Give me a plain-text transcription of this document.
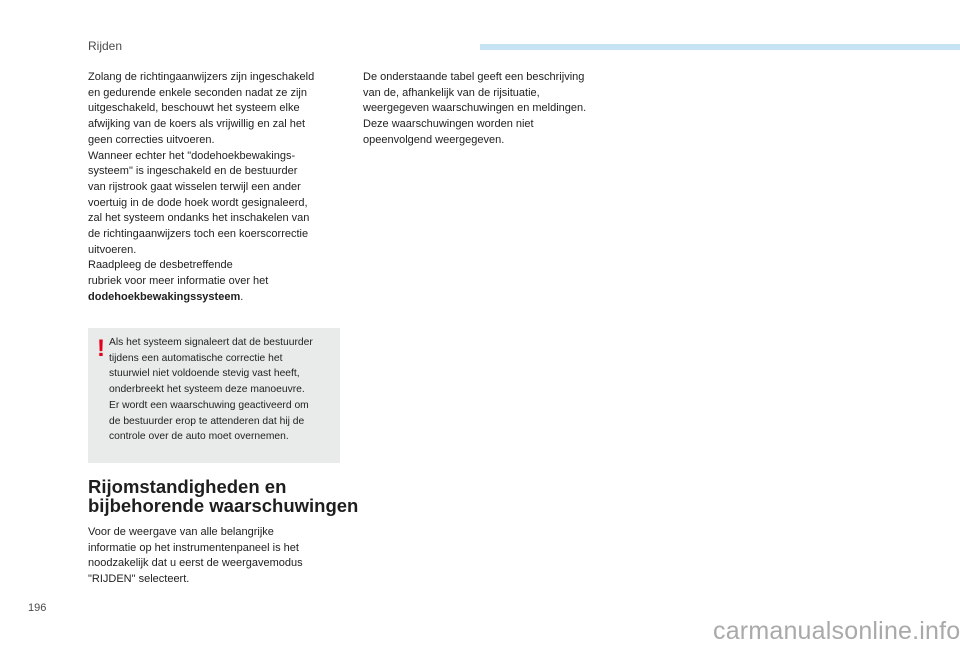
Rijden
Zolang de richtingaanwijzers zijn ingeschakeld
en gedurende enkele seconden nadat ze zijn
uitgeschakeld, beschouwt het systeem elke
afwijking van de koers als vrijwillig en zal het
geen correcties uitvoeren.
Wanneer echter het "dodehoekbewakings-
systeem" is ingeschakeld en de bestuurder
van rijstrook gaat wisselen terwijl een ander
voertuig in de dode hoek wordt gesignaleerd,
zal het systeem ondanks het inschakelen van
de richtingaanwijzers toch een koerscorrectie
uitvoeren.
Raadpleeg de desbetreffende
rubriek voor meer informatie over het
dodehoekbewakingssysteem.
! Als het systeem signaleert dat de bestuurder
tijdens een automatische correctie het
stuurwiel niet voldoende stevig vast heeft,
onderbreekt het systeem deze manoeuvre.
Er wordt een waarschuwing geactiveerd om
de bestuurder erop te attenderen dat hij de
controle over de auto moet overnemen.
Rijomstandigheden en
bijbehorende waarschuwingen
Voor de weergave van alle belangrijke
informatie op het instrumentenpaneel is het
noodzakelijk dat u eerst de weergavemodus
"RIJDEN" selecteert.
De onderstaande tabel geeft een beschrijving
van de, afhankelijk van de rijsituatie,
weergegeven waarschuwingen en meldingen.
Deze waarschuwingen worden niet
opeenvolgend weergegeven.
196
carmanualsonline.info
